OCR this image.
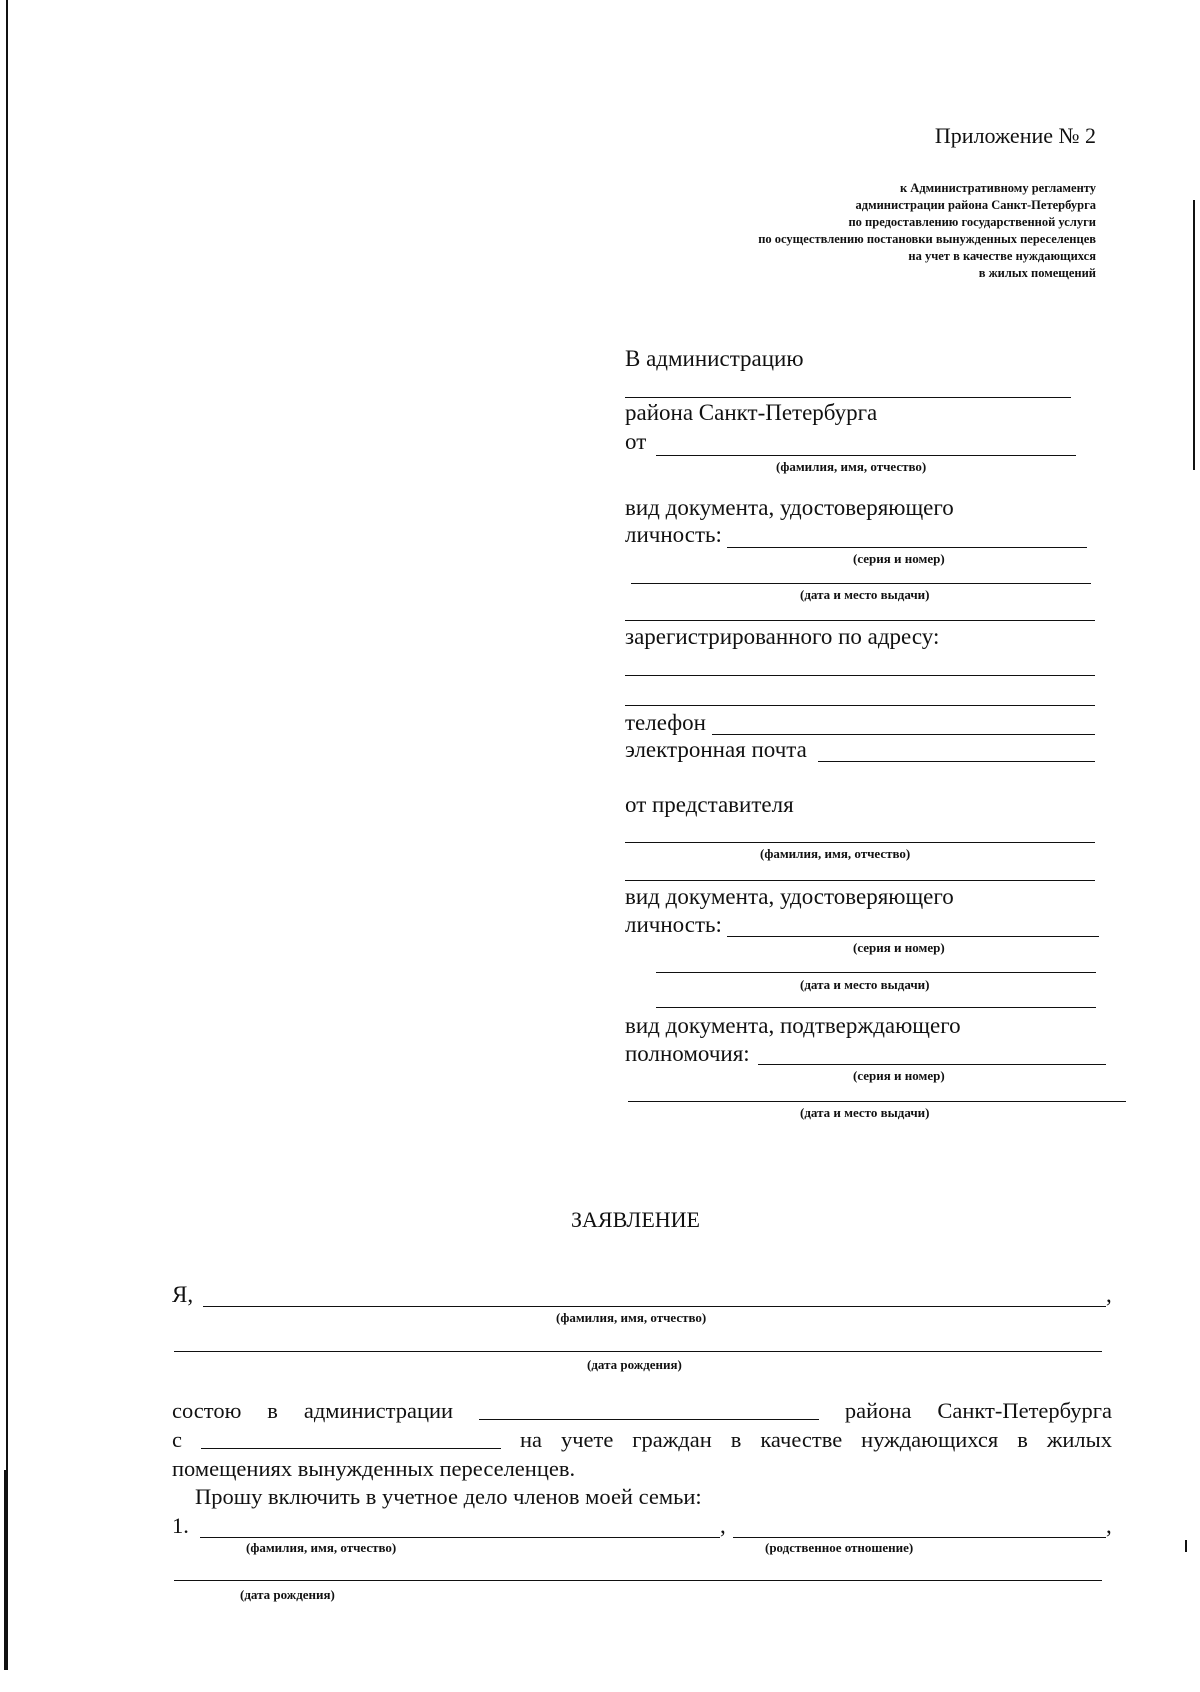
Приложение № 2
к Административному регламенту
администрации района Санкт-Петербурга
по предоставлению государственной услуги
по осуществлению постановки вынужденных переселенцев
на учет в качестве нуждающихся
в жилых помещений
В администрацию
района Санкт-Петербурга
от
(фамилия, имя, отчество)
вид документа, удостоверяющего
личность:
(серия и номер)
(дата и место выдачи)
зарегистрированного по адресу:
телефон
электронная почта
от представителя
(фамилия, имя, отчество)
вид документа, удостоверяющего
личность:
(серия и номер)
(дата и место выдачи)
вид документа, подтверждающего
полномочия:
(серия и номер)
(дата и место выдачи)
ЗАЯВЛЕНИЕ
Я,	,
(фамилия, имя, отчество)
(дата рождения)
состою в администрации	района Санкт-Петербурга
с	на учете граждан в качестве нуждающихся в жилых
помещениях вынужденных переселенцев.
Прошу включить в учетное дело членов моей семьи:
1.	,	,
(фамилия, имя, отчество)	(родственное отношение)
(дата рождения)
